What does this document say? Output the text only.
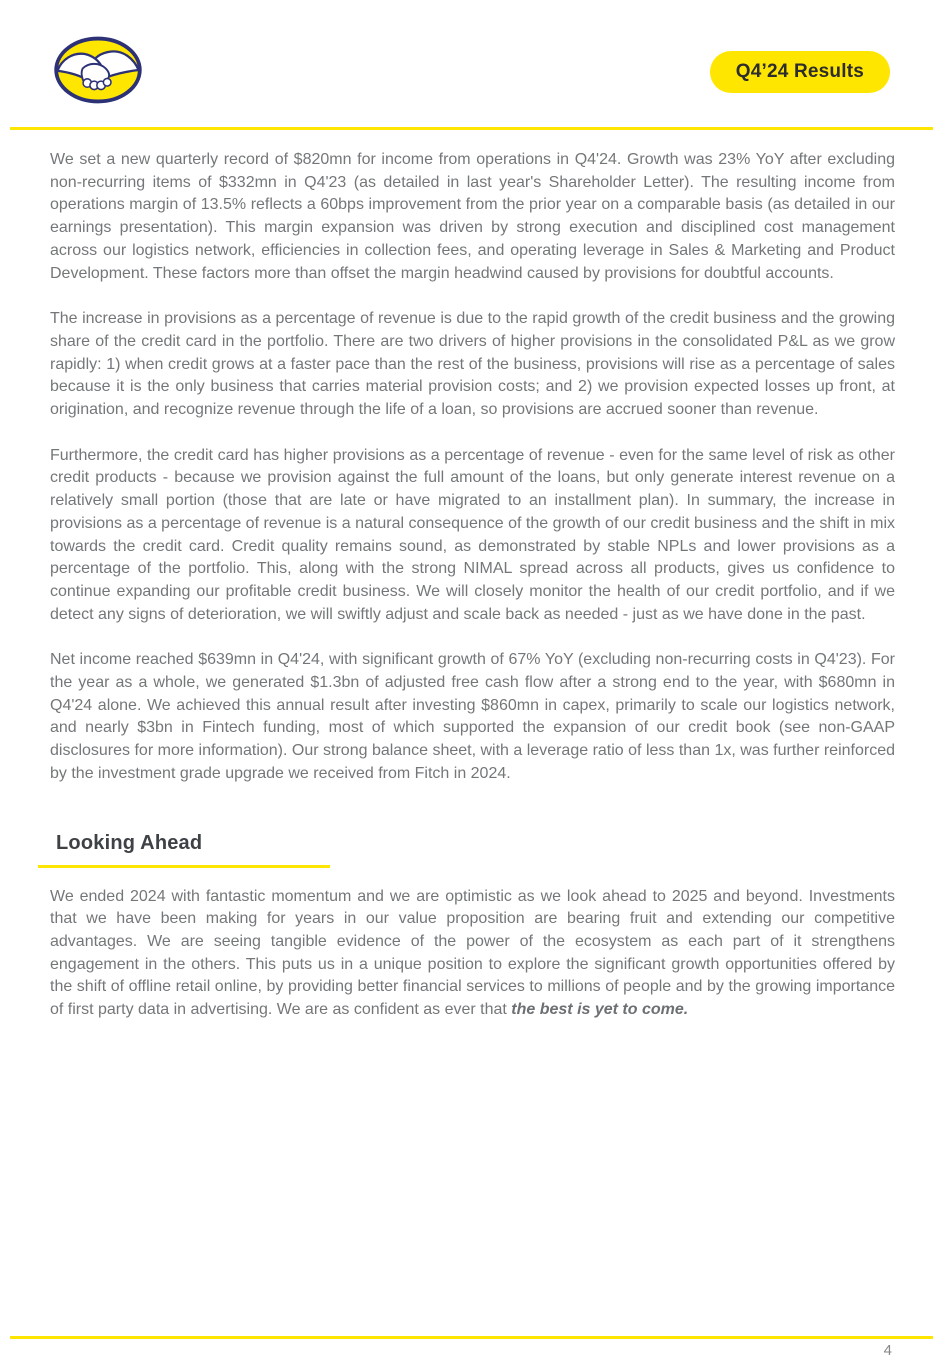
Q4’24 Results

We set a new quarterly record of $820mn for income from operations in Q4'24. Growth was 23% YoY after excluding non-recurring items of $332mn in Q4'23 (as detailed in last year's Shareholder Letter). The resulting income from operations margin of 13.5% reflects a 60bps improvement from the prior year on a comparable basis (as detailed in our earnings presentation). This margin expansion was driven by strong execution and disciplined cost management across our logistics network, efficiencies in collection fees, and operating leverage in Sales & Marketing and Product Development. These factors more than offset the margin headwind caused by provisions for doubtful accounts.

The increase in provisions as a percentage of revenue is due to the rapid growth of the credit business and the growing share of the credit card in the portfolio. There are two drivers of higher provisions in the consolidated P&L as we grow rapidly: 1) when credit grows at a faster pace than the rest of the business, provisions will rise as a percentage of sales because it is the only business that carries material provision costs; and 2) we provision expected losses up front, at origination, and recognize revenue through the life of a loan, so provisions are accrued sooner than revenue.

Furthermore, the credit card has higher provisions as a percentage of revenue - even for the same level of risk as other credit products - because we provision against the full amount of the loans, but only generate interest revenue on a relatively small portion (those that are late or have migrated to an installment plan). In summary, the increase in provisions as a percentage of revenue is a natural consequence of the growth of our credit business and the shift in mix towards the credit card. Credit quality remains sound, as demonstrated by stable NPLs and lower provisions as a percentage of the portfolio. This, along with the strong NIMAL spread across all products, gives us confidence to continue expanding our profitable credit business. We will closely monitor the health of our credit portfolio, and if we detect any signs of deterioration, we will swiftly adjust and scale back as needed - just as we have done in the past.

Net income reached $639mn in Q4'24, with significant growth of 67% YoY (excluding non-recurring costs in Q4'23). For the year as a whole, we generated $1.3bn of adjusted free cash flow after a strong end to the year, with $680mn in Q4'24 alone. We achieved this annual result after investing $860mn in capex, primarily to scale our logistics network, and nearly $3bn in Fintech funding, most of which supported the expansion of our credit book (see non-GAAP disclosures for more information). Our strong balance sheet, with a leverage ratio of less than 1x, was further reinforced by the investment grade upgrade we received from Fitch in 2024.

Looking Ahead

We ended 2024 with fantastic momentum and we are optimistic as we look ahead to 2025 and beyond. Investments that we have been making for years in our value proposition are bearing fruit and extending our competitive advantages. We are seeing tangible evidence of the power of the ecosystem as each part of it strengthens engagement in the others. This puts us in a unique position to explore the significant growth opportunities offered by the shift of offline retail online, by providing better financial services to millions of people and by the growing importance of first party data in advertising. We are as confident as ever that the best is yet to come.

4
